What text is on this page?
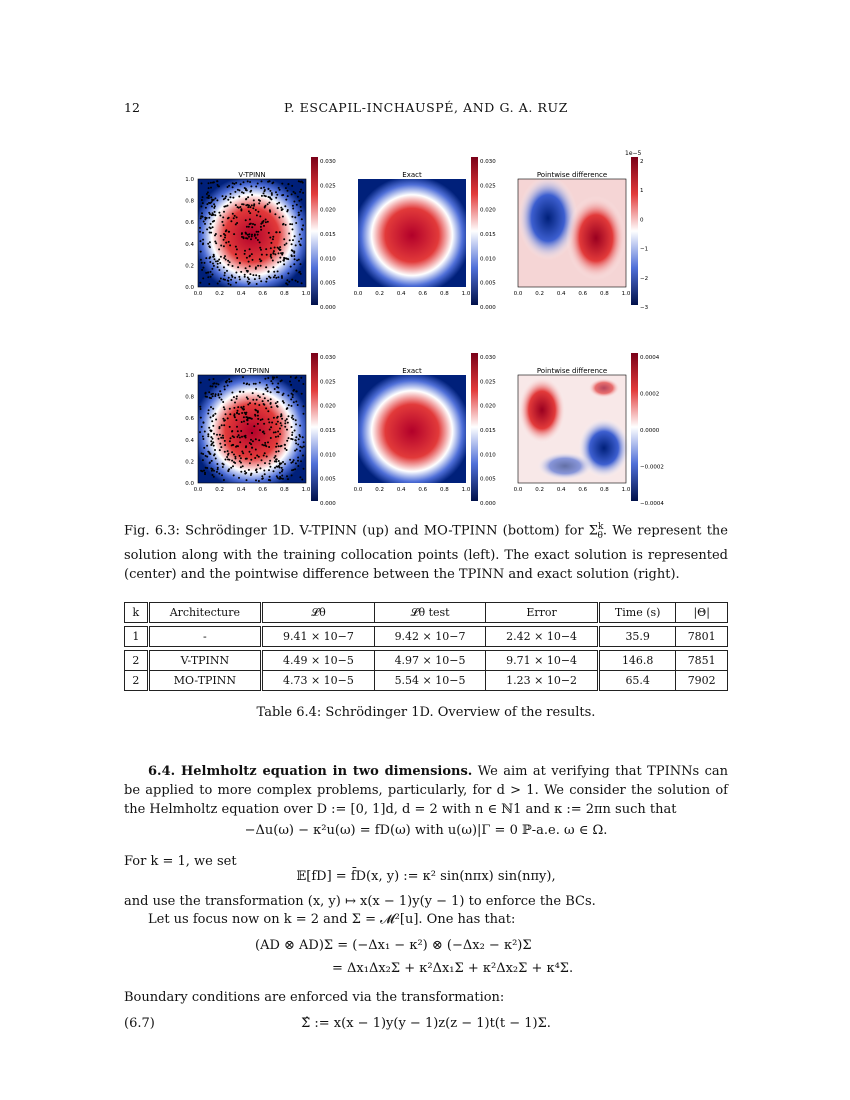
12	P. ESCAPIL-INCHAUSPÉ, AND G. A. RUZ
V-TPINN	Exact	Pointwise difference
MO-TPINN	Exact	Pointwise difference
1e−5
0.0 0.2 0.4 0.6 0.8 1.0	0.0 0.2 0.4 0.6 0.8 1.0	0.0 0.2 0.4 0.6 0.8 1.0
0.0
0.2
0.4
0.6
0.8
1.0
0.030
0.025
0.020
0.015
0.010
0.005
0.000
0.030
0.025
0.020
0.015
0.010
0.005
0.000
2
1
0
−1
−2
−3
0.0 0.2 0.4 0.6 0.8 1.0	0.0 0.2 0.4 0.6 0.8 1.0	0.0 0.2 0.4 0.6 0.8 1.0
0.0
0.2
0.4
0.6
0.8
1.0
0.030
0.025
0.020
0.015
0.010
0.005
0.000
0.030
0.025
0.020
0.015
0.010
0.005
0.000
0.0004
0.0002
0.0000
−0.0002
−0.0004
Fig. 6.3: Schrödinger 1D. V-TPINN (up) and MO-TPINN (bottom) for $\Sigma^k_\theta$. We represent the solution along with the training collocation points (left). The exact solution is represented (center) and the pointwise difference between the TPINN and exact solution (right).
k	Architecture	𝓛θ	𝓛θ test	Error	Time (s)	|Θ|

1	-	9.41 × 10−7	9.42 × 10−7	2.42 × 10−4	35.9	7801

2	V-TPINN	4.49 × 10−5	4.97 × 10−5	9.71 × 10−4	146.8	7851
2	MO-TPINN	4.73 × 10−5	5.54 × 10−5	1.23 × 10−2	65.4	7902
Table 6.4: Schrödinger 1D. Overview of the results.
6.4. Helmholtz equation in two dimensions. We aim at verifying that TPINNs can be applied to more complex problems, particularly, for d > 1. We consider the solution of the Helmholtz equation over D := [0, 1]d, d = 2 with n ∈ ℕ1 and κ := 2πn such that
−Δu(ω) − κ²u(ω) = fD(ω) with u(ω)|Γ = 0 ℙ-a.e. ω ∈ Ω.
For k = 1, we set
𝔼[fD] = f̄D(x, y) := κ² sin(nπx) sin(nπy),
and use the transformation (x, y) ↦ x(x − 1)y(y − 1) to enforce the BCs.
Let us focus now on k = 2 and Σ = 𝓜²[u]. One has that:
(AD ⊗ AD)Σ = (−Δx₁ − κ²) ⊗ (−Δx₂ − κ²)Σ
= Δx₁Δx₂Σ + κ²Δx₁Σ + κ²Δx₂Σ + κ⁴Σ.
Boundary conditions are enforced via the transformation:
(6.7)	Σ̂ := x(x − 1)y(y − 1)z(z − 1)t(t − 1)Σ.
